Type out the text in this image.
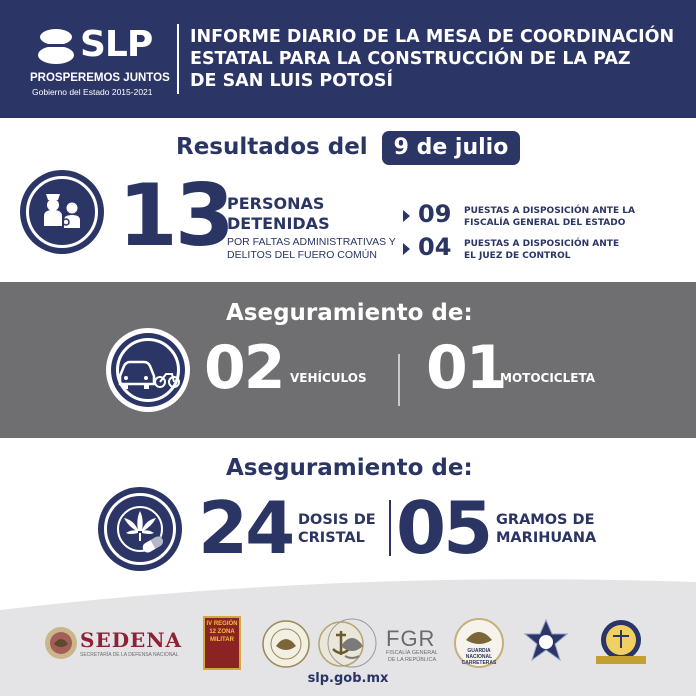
SLP
PROSPEREMOS JUNTOS
Gobierno del Estado 2015-2021
INFORME DIARIO DE LA MESA DE COORDINACIÓN
ESTATAL PARA LA CONSTRUCCIÓN DE LA PAZ
DE SAN LUIS POTOSÍ
Resultados del	9 de julio
13
PERSONAS
DETENIDAS
POR FALTAS ADMINISTRATIVAS Y
DELITOS DEL FUERO COMÚN
09 PUESTAS A DISPOSICIÓN ANTE LA
FISCALÍA GENERAL DEL ESTADO
04 PUESTAS A DISPOSICIÓN ANTE
EL JUEZ DE CONTROL
Aseguramiento de:
02 VEHÍCULOS 01
MOTOCICLETA
Aseguramiento de:
24 DOSIS DE
CRISTAL 05 GRAMOS DE
MARIHUANA
SEDENA
SECRETARÍA DE LA DEFENSA NACIONAL
IV REGIÓN 12 ZONA MILITAR	FGR
FISCALÍA GENERAL
DE LA REPÚBLICA
GUARDIA NACIONAL CARRETERAS
slp.gob.mx
